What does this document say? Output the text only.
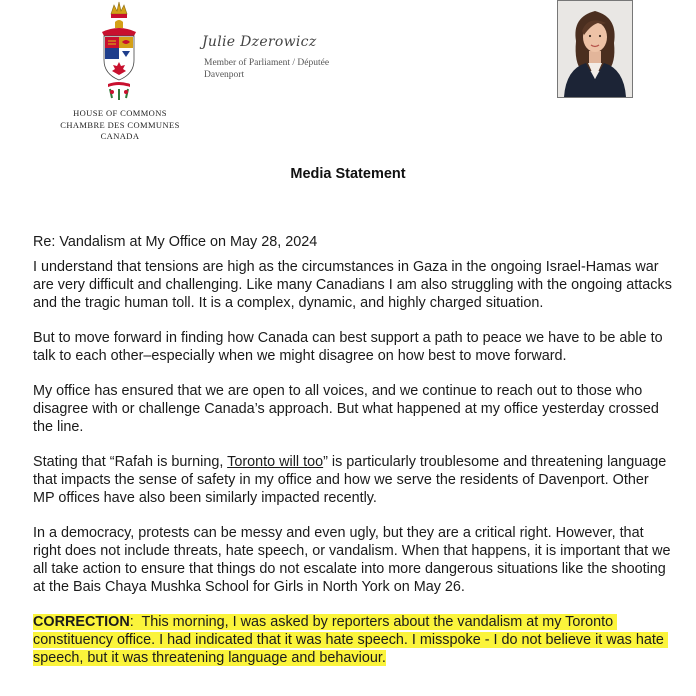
HOUSE OF COMMONS
CHAMBRE DES COMMUNES
CANADA
Julie Dzerowicz
Member of Parliament / Députée
Davenport
Media Statement

Re: Vandalism at My Office on May 28, 2024

I understand that tensions are high as the circumstances in Gaza in the ongoing Israel-Hamas war are very difficult and challenging. Like many Canadians I am also struggling with the ongoing attacks and the tragic human toll. It is a complex, dynamic, and highly charged situation.

But to move forward in finding how Canada can best support a path to peace we have to be able to talk to each other–especially when we might disagree on how best to move forward.

My office has ensured that we are open to all voices, and we continue to reach out to those who disagree with or challenge Canada’s approach. But what happened at my office yesterday crossed the line.

Stating that “Rafah is burning, Toronto will too” is particularly troublesome and threatening language that impacts the sense of safety in my office and how we serve the residents of Davenport. Other MP offices have also been similarly impacted recently.

In a democracy, protests can be messy and even ugly, but they are a critical right. However, that right does not include threats, hate speech, or vandalism. When that happens, it is important that we all take action to ensure that things do not escalate into more dangerous situations like the shooting at the Bais Chaya Mushka School for Girls in North York on May 26.

CORRECTION:  This morning, I was asked by reporters about the vandalism at my Toronto constituency office. I had indicated that it was hate speech. I misspoke - I do not believe it was hate speech, but it was threatening language and behaviour.
